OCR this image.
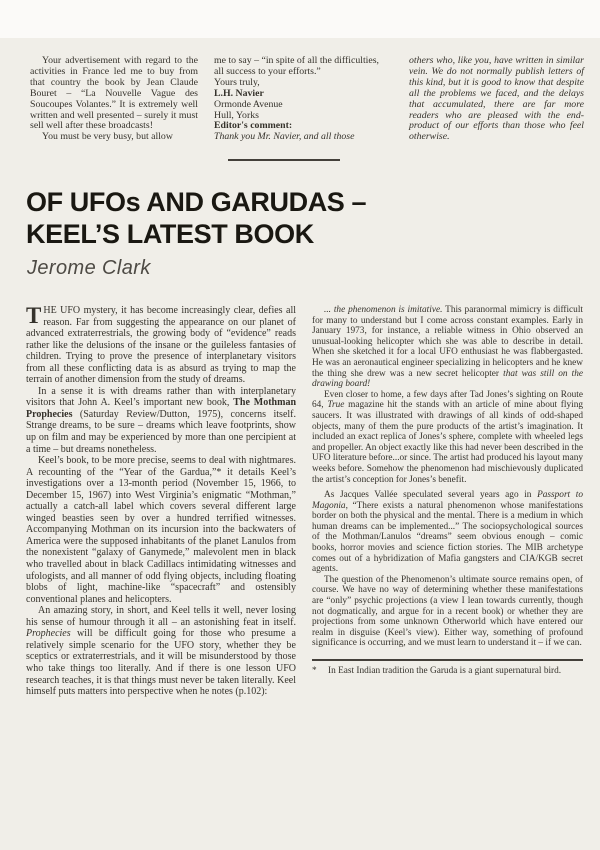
Your advertisement with regard to the activities in France led me to buy from that country the book by Jean Claude Bouret – “La Nouvelle Vague des Soucoupes Volantes.” It is extremely well written and well presented – surely it must sell well after these broadcasts!

You must be very busy, but allow

me to say – “in spite of all the difficulties, all success to your efforts.”

Yours truly,

L.H. Navier

Ormonde Avenue

Hull, Yorks

Editor's comment:

Thank you Mr. Navier, and all those

others who, like you, have written in similar vein. We do not normally publish letters of this kind, but it is good to know that despite all the problems we faced, and the delays that accumulated, there are far more readers who are pleased with the end-product of our efforts than those who feel otherwise.

OF UFOs AND GARUDAS –
KEEL’S LATEST BOOK
Jerome Clark

THE UFO mystery, it has become increasingly clear, defies all reason. Far from suggesting the appearance on our planet of advanced extraterrestrials, the growing body of “evidence” reads rather like the delusions of the insane or the guileless fantasies of children. Trying to prove the presence of interplanetary visitors from all these conflicting data is as absurd as trying to map the terrain of another dimension from the study of dreams.

In a sense it is with dreams rather than with interplanetary visitors that John A. Keel’s important new book, The Mothman Prophecies (Saturday Review/Dutton, 1975), concerns itself. Strange dreams, to be sure – dreams which leave footprints, show up on film and may be experienced by more than one percipient at a time – but dreams nonetheless.

Keel’s book, to be more precise, seems to deal with nightmares. A recounting of the “Year of the Gardua,”* it details Keel’s investigations over a 13-month period (November 15, 1966, to December 15, 1967) into West Virginia’s enigmatic “Mothman,” actually a catch-all label which covers several different large winged beasties seen by over a hundred terrified witnesses. Accompanying Mothman on its incursion into the backwaters of America were the supposed inhabitants of the planet Lanulos from the nonexistent “galaxy of Ganymede,” malevolent men in black who travelled about in black Cadillacs intimidating witnesses and ufologists, and all manner of odd flying objects, including floating blobs of light, machine-like “spacecraft” and ostensibly conventional planes and helicopters.

An amazing story, in short, and Keel tells it well, never losing his sense of humour through it all – an astonishing feat in itself. Prophecies will be difficult going for those who presume a relatively simple scenario for the UFO story, whether they be sceptics or extraterrestrials, and it will be misunderstood by those who take things too literally. And if there is one lesson UFO research teaches, it is that things must never be taken literally. Keel himself puts matters into perspective when he notes (p.102):

... the phenomenon is imitative. This paranormal mimicry is difficult for many to understand but I come across constant examples. Early in January 1973, for instance, a reliable witness in Ohio observed an unusual-looking helicopter which she was able to describe in detail. When she sketched it for a local UFO enthusiast he was flabbergasted. He was an aeronautical engineer specializing in helicopters and he knew the thing she drew was a new secret helicopter that was still on the drawing board!

Even closer to home, a few days after Tad Jones’s sighting on Route 64, True magazine hit the stands with an article of mine about flying saucers. It was illustrated with drawings of all kinds of odd-shaped objects, many of them the pure products of the artist’s imagination. It included an exact replica of Jones’s sphere, complete with wheeled legs and propeller. An object exactly like this had never been described in the UFO literature before...or since. The artist had produced his layout many weeks before. Somehow the phenomenon had mischievously duplicated the artist’s conception for Jones’s benefit.

As Jacques Vallée speculated several years ago in Passport to Magonia, “There exists a natural phenomenon whose manifestations border on both the physical and the mental. There is a medium in which human dreams can be implemented...” The sociopsychological sources of the Mothman/Lanulos “dreams” seem obvious enough – comic books, horror movies and science fiction stories. The MIB archetype comes out of a hybridization of Mafia gangsters and CIA/KGB secret agents.

The question of the Phenomenon’s ultimate source remains open, of course. We have no way of determining whether these manifestations are “only” psychic projections (a view I lean towards currently, though not dogmatically, and argue for in a recent book) or whether they are projections from some unknown Otherworld which have entered our realm in disguise (Keel’s view). Either way, something of profound significance is occurring, and we must learn to understand it – if we can.

* In East Indian tradition the Garuda is a giant supernatural bird.
